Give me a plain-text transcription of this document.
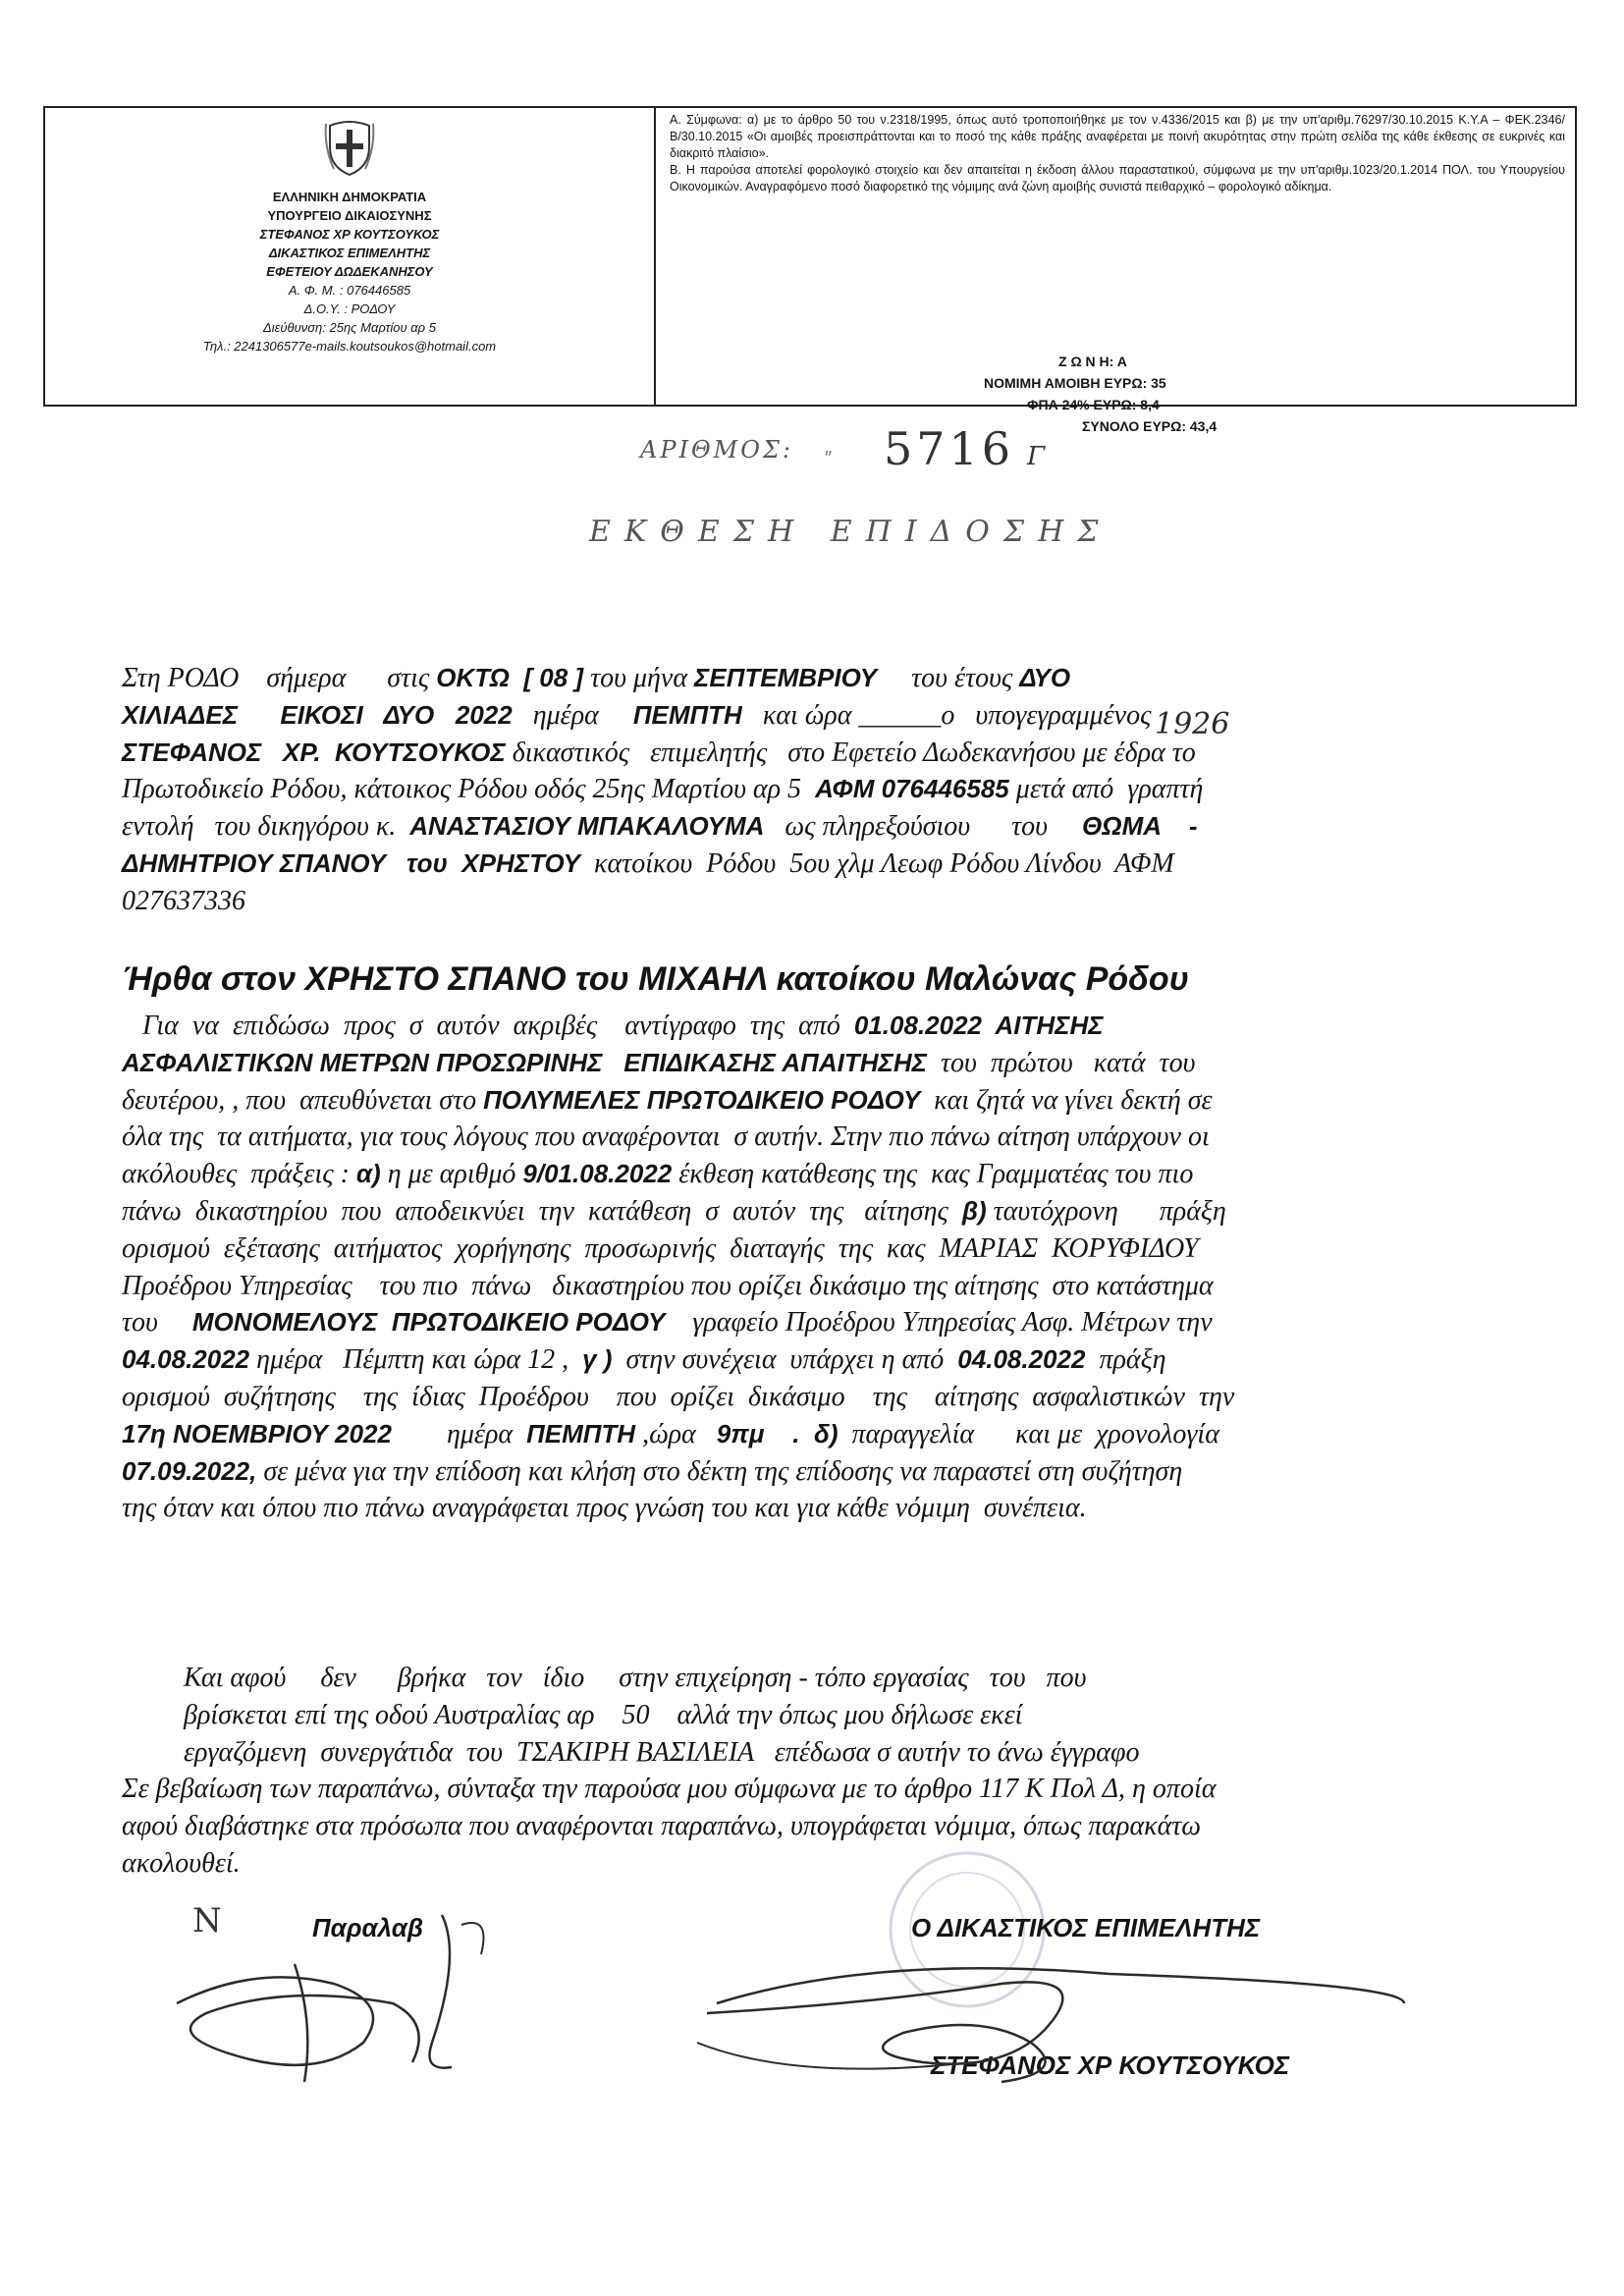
ΕΛΛΗΝΙΚΗ ΔΗΜΟΚΡΑΤΙΑ
ΥΠΟΥΡΓΕΙΟ ΔΙΚΑΙΟΣΥΝΗΣ
ΣΤΕΦΑΝΟΣ ΧΡ ΚΟΥΤΣΟΥΚΟΣ
ΔΙΚΑΣΤΙΚΟΣ ΕΠΙΜΕΛΗΤΗΣ
ΕΦΕΤΕΙΟΥ ΔΩΔΕΚΑΝΗΣΟΥ
Α. Φ. Μ. : 076446585
Δ.Ο.Υ. : ΡΟΔΟΥ
Διεύθυνση: 25ης Μαρτίου αρ 5
Τηλ.: 2241306577e-mails.koutsoukos@hotmail.com
Α. Σύμφωνα: α) με το άρθρο 50 του ν.2318/1995, όπως αυτό τροποποιήθηκε με τον ν.4336/2015 και β) με την υπ'αριθμ.76297/30.10.2015 Κ.Υ.Α – ΦΕΚ.2346/Β/30.10.2015 «Οι αμοιβές προεισπράττονται και το ποσό της κάθε πράξης αναφέρεται με ποινή ακυρότητας στην πρώτη σελίδα της κάθε έκθεσης σε ευκρινές και διακριτό πλαίσιο».
Β. Η παρούσα αποτελεί φορολογικό στοιχείο και δεν απαιτείται η έκδοση άλλου παραστατικού, σύμφωνα με την υπ'αριθμ.1023/20.1.2014 ΠΟΛ. του Υπουργείου Οικονομικών. Αναγραφόμενο ποσό διαφορετικό της νόμιμης ανά ζώνη αμοιβής συνιστά πειθαρχικό – φορολογικό αδίκημα.
Ζ Ω Ν Η: Α
ΝΟΜΙΜΗ ΑΜΟΙΒΗ ΕΥΡΩ: 35
ΦΠΑ 24% ΕΥΡΩ: 8,4
ΣΥΝΟΛΟ ΕΥΡΩ: 43,4
ΑΡΙΘΜΟΣ: ″ 5716 Γ
ΕΚΘΕΣΗ ΕΠΙΔΟΣΗΣ
Στη ΡΟΔΟ    σήμερα      στις ΟΚΤΩ  [ 08 ] του μήνα ΣΕΠΤΕΜΒΡΙΟΥ     του έτους ΔΥΟ
ΧΙΛΙΑΔΕΣ      ΕΙΚΟΣΙ   ΔΥΟ   2022   ημέρα     ΠΕΜΠΤΗ   και ώρα ______ο   υπογεγραμμένος
ΣΤΕΦΑΝΟΣ   ΧΡ.  ΚΟΥΤΣΟΥΚΟΣ δικαστικός   επιμελητής   στο Εφετείο Δωδεκανήσου με έδρα το
Πρωτοδικείο Ρόδου, κάτοικος Ρόδου οδός 25ης Μαρτίου αρ 5  ΑΦΜ 076446585 μετά από  γραπτή
εντολή   του δικηγόρου κ.  ΑΝΑΣΤΑΣΙΟΥ ΜΠΑΚΑΛΟΥΜΑ   ως πληρεξούσιου      του     ΘΩΜΑ    -
ΔΗΜΗΤΡΙΟΥ ΣΠΑΝΟΥ του  ΧΡΗΣΤΟΥ  κατοίκου  Ρόδου  5ου χλμ Λεωφ Ρόδου Λίνδου  ΑΦΜ
027637336
1926
Ήρθα στον ΧΡΗΣΤΟ ΣΠΑΝΟ του ΜΙΧΑΗΛ κατοίκου Μαλώνας Ρόδου
Για  να  επιδώσω  προς  σ  αυτόν  ακριβές    αντίγραφο  της  από  01.08.2022  ΑΙΤΗΣΗΣ
ΑΣΦΑΛΙΣΤΙΚΩΝ ΜΕΤΡΩΝ ΠΡΟΣΩΡΙΝΗΣ   ΕΠΙΔΙΚΑΣΗΣ ΑΠΑΙΤΗΣΗΣ  του  πρώτου   κατά  του
δευτέρου, , που  απευθύνεται στο ΠΟΛΥΜΕΛΕΣ ΠΡΩΤΟΔΙΚΕΙΟ ΡΟΔΟΥ  και ζητά να γίνει δεκτή σε
όλα της  τα αιτήματα, για τους λόγους που αναφέρονται  σ αυτήν. Στην πιο πάνω αίτηση υπάρχουν οι
ακόλουθες  πράξεις : α) η με αριθμό 9/01.08.2022 έκθεση κατάθεσης της  κας Γραμματέας του πιο
πάνω  δικαστηρίου  που  αποδεικνύει  την  κατάθεση  σ  αυτόν  της   αίτησης  β) ταυτόχρονη      πράξη
ορισμού  εξέτασης  αιτήματος  χορήγησης  προσωρινής  διαταγής  της  κας  ΜΑΡΙΑΣ  ΚΟΡΥΦΙΔΟΥ
Προέδρου Υπηρεσίας    του πιο  πάνω   δικαστηρίου που ορίζει δικάσιμο της αίτησης  στο κατάστημα
του     ΜΟΝΟΜΕΛΟΥΣ  ΠΡΩΤΟΔΙΚΕΙΟ ΡΟΔΟΥ    γραφείο Προέδρου Υπηρεσίας Ασφ. Μέτρων την
04.08.2022 ημέρα   Πέμπτη και ώρα 12 ,  γ )  στην συνέχεια  υπάρχει η από  04.08.2022  πράξη
ορισμού  συζήτησης    της  ίδιας  Προέδρου    που  ορίζει  δικάσιμο    της    αίτησης  ασφαλιστικών  την
17η ΝΟΕΜΒΡΙΟΥ 2022        ημέρα  ΠΕΜΠΤΗ ,ώρα   9πμ    .  δ)  παραγγελία      και με  χρονολογία
07.09.2022, σε μένα για την επίδοση και κλήση στο δέκτη της επίδοσης να παραστεί στη συζήτηση
της όταν και όπου πιο πάνω αναγράφεται προς γνώση του και για κάθε νόμιμη  συνέπεια.
Και αφού     δεν      βρήκα   τον   ίδιο     στην επιχείρηση - τόπο εργασίας   του   που
βρίσκεται επί της οδού Αυστραλίας αρ    50    αλλά την όπως μου δήλωσε εκεί
εργαζόμενη  συνεργάτιδα  του  ΤΣΑΚΙΡΗ ΒΑΣΙΛΕΙΑ   επέδωσα σ αυτήν το άνω έγγραφο
Σε βεβαίωση των παραπάνω, σύνταξα την παρούσα μου σύμφωνα με το άρθρο 117 Κ Πολ Δ, η οποία
αφού διαβάστηκε στα πρόσωπα που αναφέρονται παραπάνω, υπογράφεται νόμιμα, όπως παρακάτω
ακολουθεί.
Ν	Παραλαβ	Ο ΔΙΚΑΣΤΙΚΟΣ ΕΠΙΜΕΛΗΤΗΣ
ΣΤΕΦΑΝΟΣ ΧΡ ΚΟΥΤΣΟΥΚΟΣ
